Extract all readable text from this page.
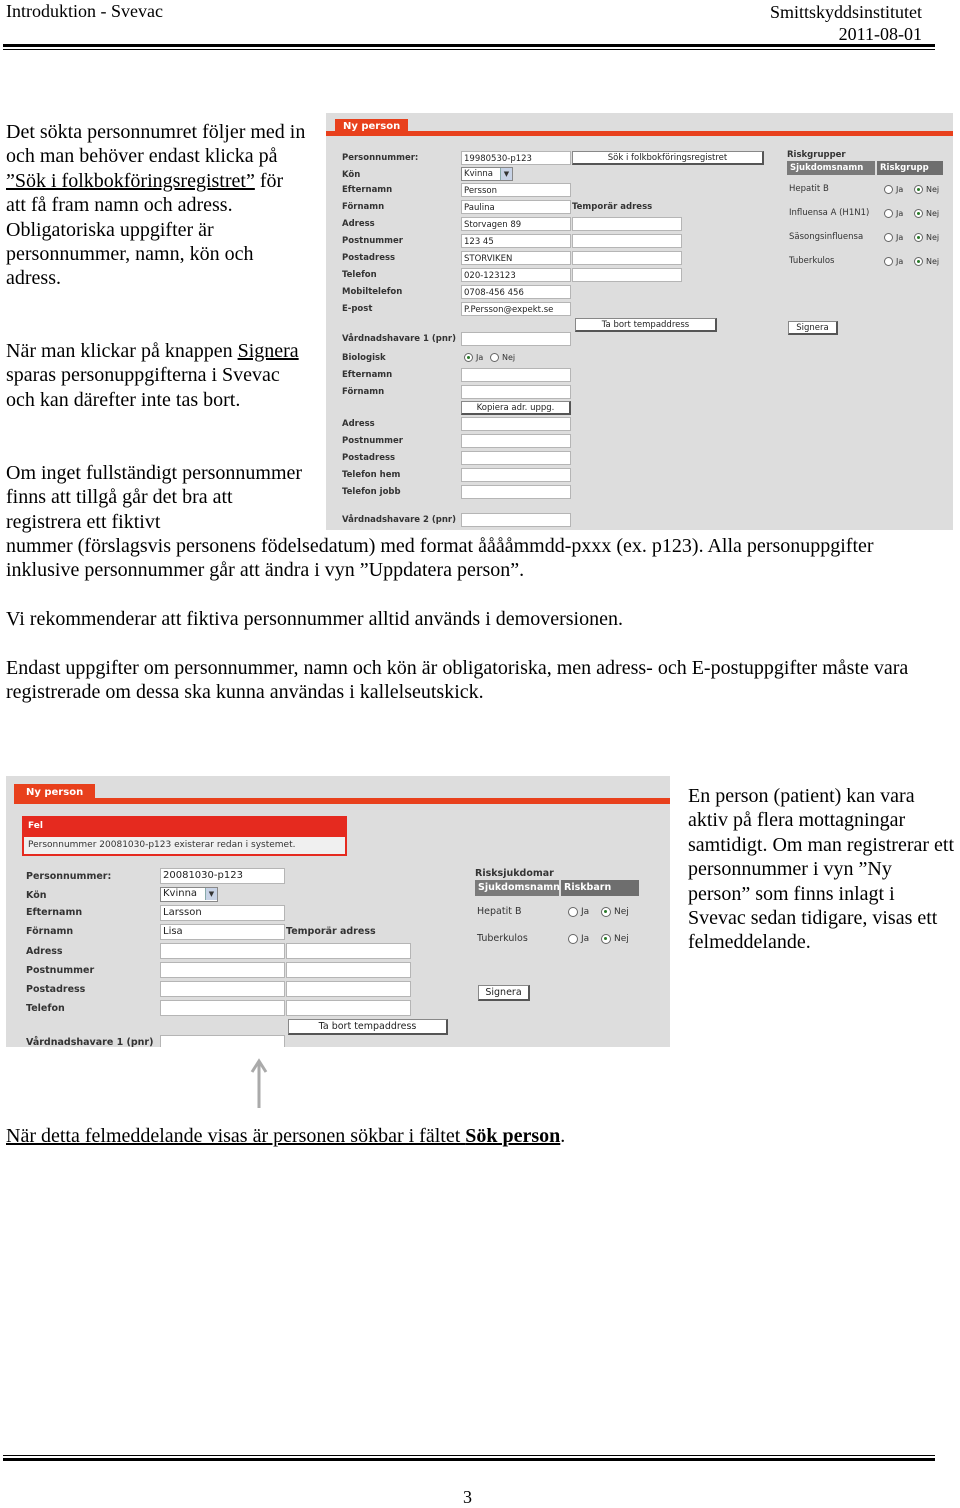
Introduktion - Svevac	Smittskyddsinstitutet
2011-08-01

Det sökta personnumret följer med in och man behöver endast klicka på
”Sök i folkbokföringsregistret” för att få fram namn och adress. Obligatoriska uppgifter är personnummer, namn, kön och adress.

När man klickar på knappen Signera sparas personuppgifterna i Svevac och kan därefter inte tas bort.

Om inget fullständigt personnummer finns att tillgå går det bra att registrera ett fiktivt

nummer (förslagsvis personens födelsedatum) med format ååååmmdd-pxxx (ex. p123). Alla personuppgifter inklusive personnummer går att ändra i vyn ”Uppdatera person”.

Vi rekommenderar att fiktiva personnummer alltid används i demoversionen.

Endast uppgifter om personnummer, namn och kön är obligatoriska, men adress- och E-postuppgifter måste vara registrerade om dessa ska kunna användas i kallelseutskick.

Ny person
Personnummer:	19980530-p123	Sök i folkbokföringsregistret
Kön	Kvinna	▼
Efternamn	Persson
Förnamn	Paulina	Temporär adress
Adress	Storvagen 89
Postnummer	123 45
Postadress	STORVIKEN
Telefon	020-123123
Mobiltelefon	0708-456 456
E-post	P.Persson@expekt.se
Ta bort tempaddress
Vårdnadshavare 1 (pnr)
Biologisk	Ja Nej
Efternamn
Förnamn
Kopiera adr. uppg.
Adress
Postnummer
Postadress
Telefon hem
Telefon jobb
Vårdnadshavare 2 (pnr)
Riskgrupper
Sjukdomsnamn	Riskgrupp
Hepatit B	Ja	Nej
Influensa A (H1N1)	Ja	Nej
Säsongsinfluensa	Ja	Nej
Tuberkulos	Ja	Nej
Signera
Ny person
Fel
Personnummer 20081030-p123 existerar redan i systemet.
Personnummer:	20081030-p123
Kön	Kvinna	▼
Efternamn	Larsson
Förnamn	Lisa	Temporär adress
Adress
Postnummer
Postadress
Telefon
Ta bort tempaddress
Vårdnadshavare 1 (pnr)
Risksjukdomar
Sjukdomsnamn Riskbarn
Hepatit B	Ja	Nej
Tuberkulos	Ja	Nej
Signera

En person (patient) kan vara aktiv på flera mottagningar samtidigt. Om man registrerar ett personnummer i vyn ”Ny person” som finns inlagt i Svevac sedan tidigare, visas ett felmeddelande.

När detta felmeddelande visas är personen sökbar i fältet Sök person.

3
